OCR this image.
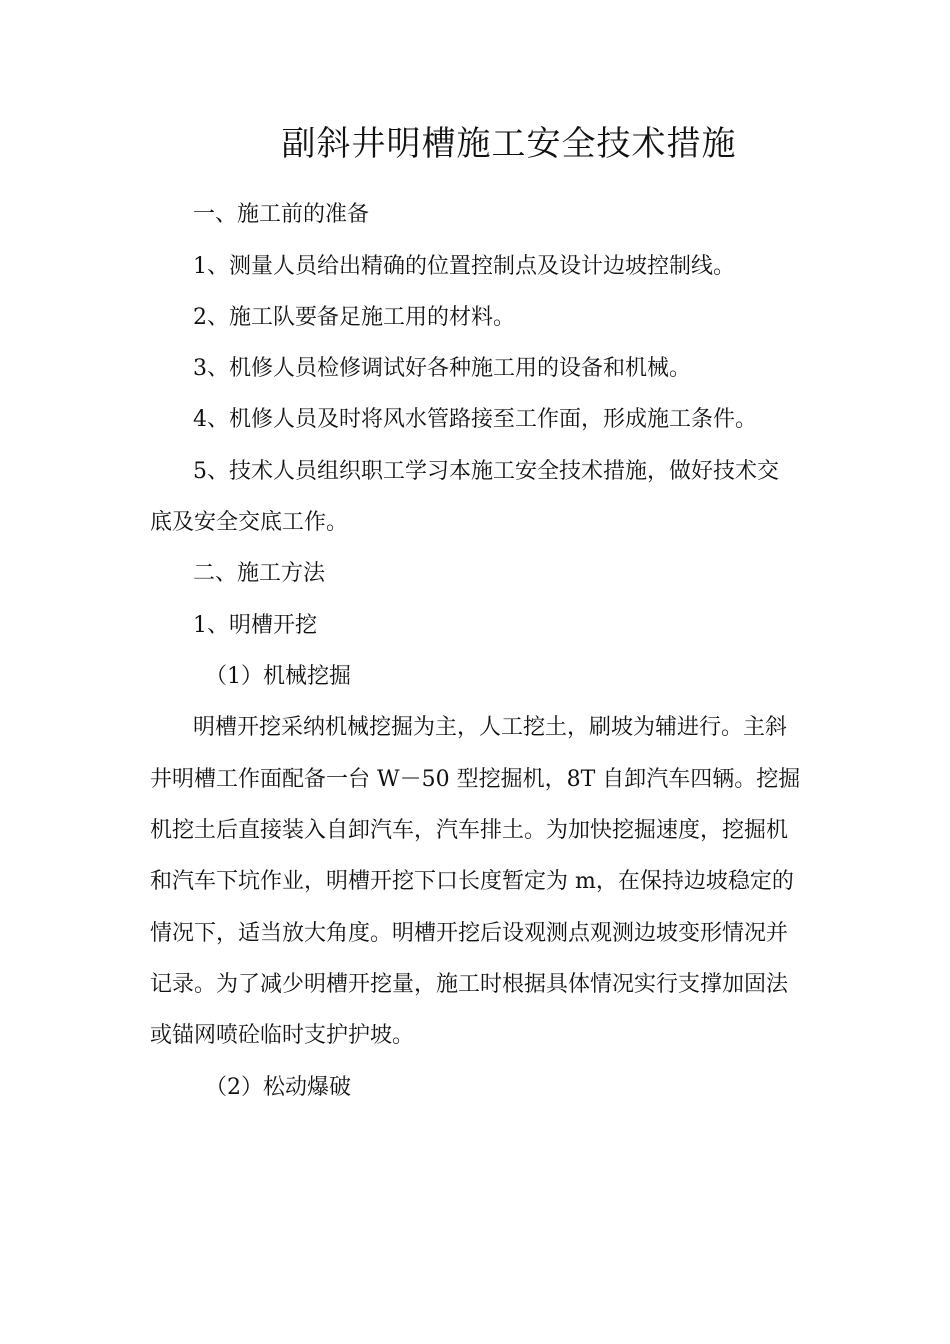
副斜井明槽施工安全技术措施
一、施工前的准备
1、测量人员给出精确的位置控制点及设计边坡控制线。
2、施工队要备足施工用的材料。
3、机修人员检修调试好各种施工用的设备和机械。
4、机修人员及时将风水管路接至工作面，形成施工条件。
5、技术人员组织职工学习本施工安全技术措施，做好技术交
底及安全交底工作。
二、施工方法
1、明槽开挖
（1）机械挖掘
明槽开挖采纳机械挖掘为主，人工挖土，刷坡为辅进行。主斜
井明槽工作面配备一台 W－50 型挖掘机，8T 自卸汽车四辆。挖掘
机挖土后直接装入自卸汽车，汽车排土。为加快挖掘速度，挖掘机
和汽车下坑作业，明槽开挖下口长度暂定为 m，在保持边坡稳定的
情况下，适当放大角度。明槽开挖后设观测点观测边坡变形情况并
记录。为了减少明槽开挖量，施工时根据具体情况实行支撑加固法
或锚网喷砼临时支护护坡。
（2）松动爆破
